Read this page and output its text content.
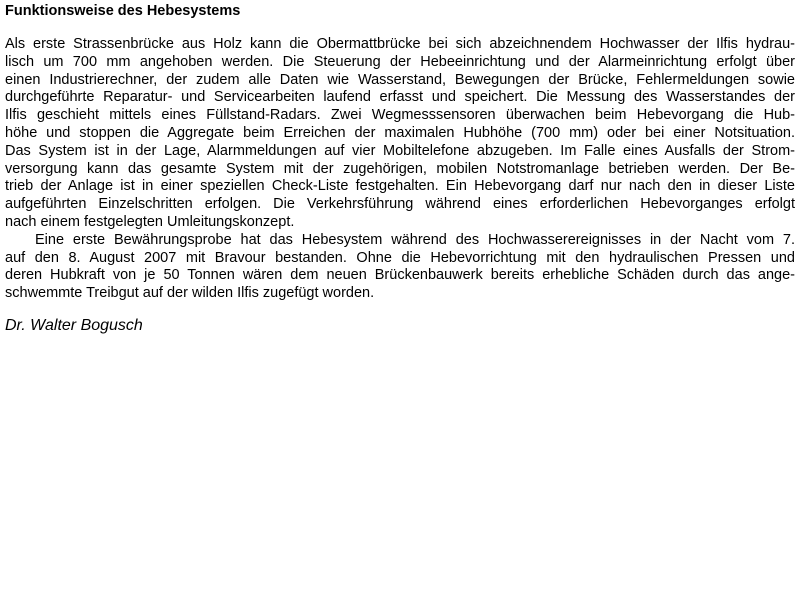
Funktionsweise des Hebesystems

Als erste Strassenbrücke aus Holz kann die Obermattbrücke bei sich abzeichnendem Hochwasser der Ilfis hydrau-
lisch um 700 mm angehoben werden. Die Steuerung der Hebeeinrichtung und der Alarmeinrichtung erfolgt über
einen Industrierechner, der zudem alle Daten wie Wasserstand, Bewegungen der Brücke, Fehlermeldungen sowie
durchgeführte Reparatur- und Servicearbeiten laufend erfasst und speichert. Die Messung des Wasserstandes der
Ilfis geschieht mittels eines Füllstand-Radars. Zwei Wegmesssensoren überwachen beim Hebevorgang die Hub-
höhe und stoppen die Aggregate beim Erreichen der maximalen Hubhöhe (700 mm) oder bei einer Notsituation.
Das System ist in der Lage, Alarmmeldungen auf vier Mobiltelefone abzugeben. Im Falle eines Ausfalls der Strom-
versorgung kann das gesamte System mit der zugehörigen, mobilen Notstromanlage betrieben werden. Der Be-
trieb der Anlage ist in einer speziellen Check-Liste festgehalten. Ein Hebevorgang darf nur nach den in dieser Liste
aufgeführten Einzelschritten erfolgen. Die Verkehrsführung während eines erforderlichen Hebevorganges erfolgt
nach einem festgelegten Umleitungskonzept.

Eine erste Bewährungsprobe hat das Hebesystem während des Hochwasserereignisses in der Nacht vom 7.
auf den 8. August 2007 mit Bravour bestanden. Ohne die Hebevorrichtung mit den hydraulischen Pressen und
deren Hubkraft von je 50 Tonnen wären dem neuen Brückenbauwerk bereits erhebliche Schäden durch das ange-
schwemmte Treibgut auf der wilden Ilfis zugefügt worden.

Dr. Walter Bogusch
